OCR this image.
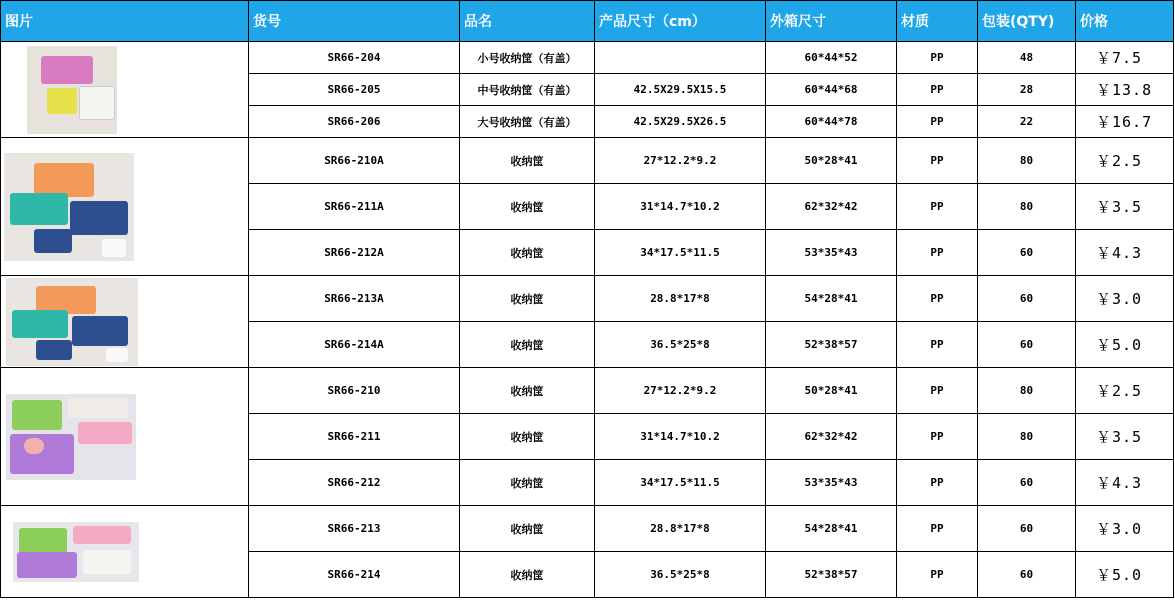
图片	货号	品名	产品尺寸（cm）	外箱尺寸	材质	包装(QTY)	价格

	SR66-204	小号收纳筐（有盖）		60*44*52	PP	48	￥7.5
	SR66-205	中号收纳筐（有盖）	42.5X29.5X15.5	60*44*68	PP	28	￥13.8
	SR66-206	大号收纳筐（有盖）	42.5X29.5X26.5	60*44*78	PP	22	￥16.7

	SR66-210A	收纳筐	27*12.2*9.2	50*28*41	PP	80	￥2.5
	SR66-211A	收纳筐	31*14.7*10.2	62*32*42	PP	80	￥3.5
	SR66-212A	收纳筐	34*17.5*11.5	53*35*43	PP	60	￥4.3

	SR66-213A	收纳筐	28.8*17*8	54*28*41	PP	60	￥3.0
	SR66-214A	收纳筐	36.5*25*8	52*38*57	PP	60	￥5.0

	SR66-210	收纳筐	27*12.2*9.2	50*28*41	PP	80	￥2.5
	SR66-211	收纳筐	31*14.7*10.2	62*32*42	PP	80	￥3.5
	SR66-212	收纳筐	34*17.5*11.5	53*35*43	PP	60	￥4.3

	SR66-213	收纳筐	28.8*17*8	54*28*41	PP	60	￥3.0
	SR66-214	收纳筐	36.5*25*8	52*38*57	PP	60	￥5.0
